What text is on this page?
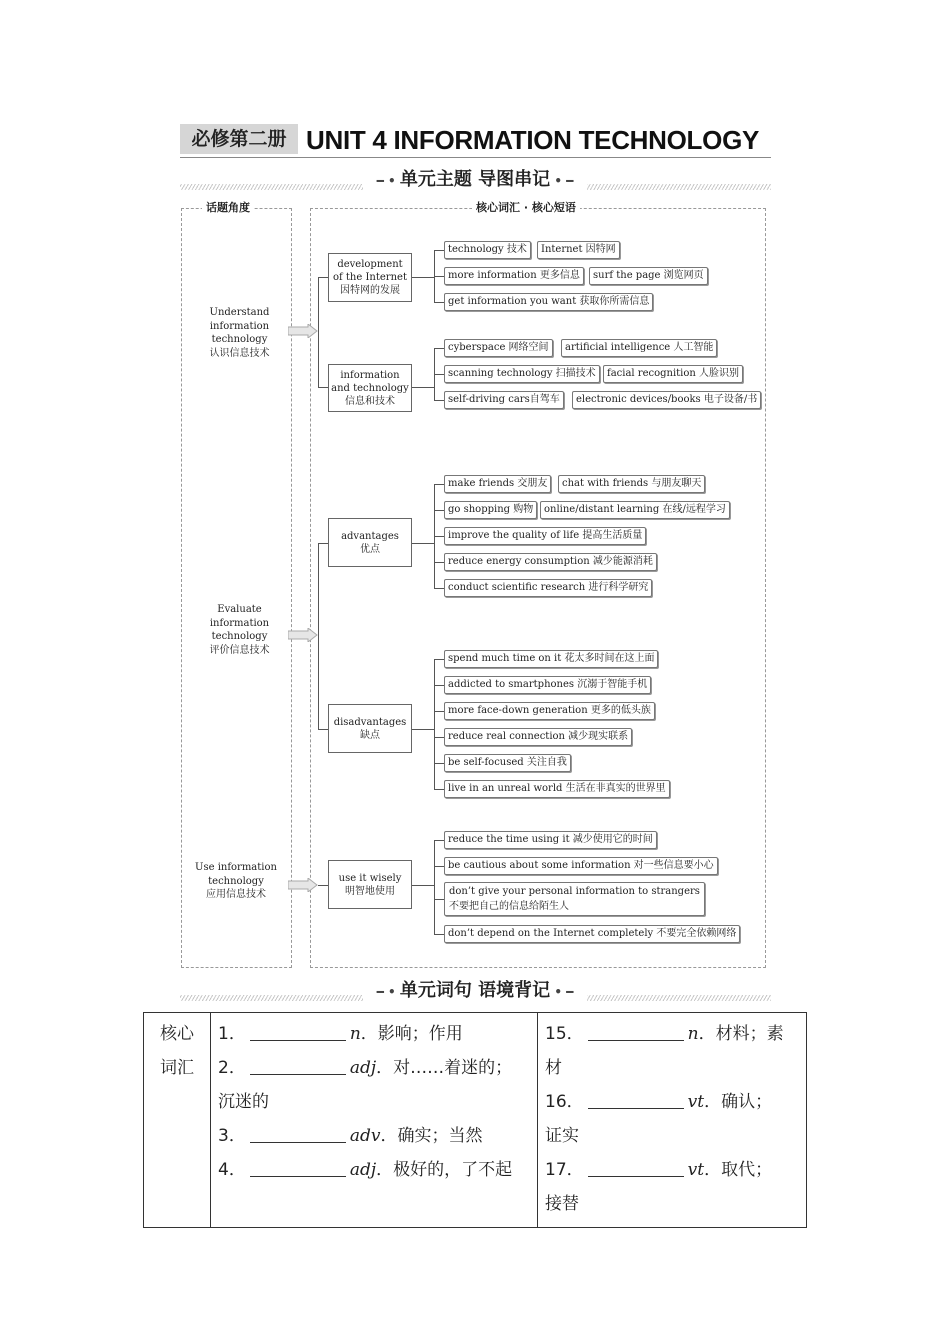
必修第二册 UNIT 4 INFORMATION TECHNOLOGY
━ • 单元主题 导图串记 • ━
话题角度	核心词汇 · 核心短语
Understand
information
technology
认识信息技术
Evaluate
information
technology
评价信息技术
Use information
technology
应用信息技术
development
of the Internet
因特网的发展
information
and technology
信息和技术
advantages
优点
disadvantages
缺点
use it wisely
明智地使用
technology 技术	Internet 因特网
more information 更多信息	surf the page 浏览网页
get information you want 获取你所需信息
cyberspace 网络空间	artificial intelligence 人工智能
scanning technology 扫描技术	facial recognition 人脸识别
self-driving cars自驾车	electronic devices/books 电子设备/书
make friends 交朋友	chat with friends 与朋友聊天
go shopping 购物	online/distant learning 在线/远程学习
improve the quality of life 提高生活质量
reduce energy consumption 减少能源消耗
conduct scientific research 进行科学研究
spend much time on it 花太多时间在这上面
addicted to smartphones 沉溺于智能手机
more face-down generation 更多的低头族
reduce real connection 减少现实联系
be self-focused 关注自我
live in an unreal world 生活在非真实的世界里
reduce the time using it 减少使用它的时间
be cautious about some information 对一些信息要小心
don’t give your personal information to strangers
不要把自己的信息给陌生人
don’t depend on the Internet completely 不要完全依赖网络
━ • 单元词句 语境背记 • ━
核心
词汇

1．	n．影响；作用
2．	adj．对……着迷的；
沉迷的
3．	adv．确实；当然
4．	adj．极好的，了不起

15．	n．材料；素
材
16．	vt．确认；
证实
17．	vt．取代；
接替
